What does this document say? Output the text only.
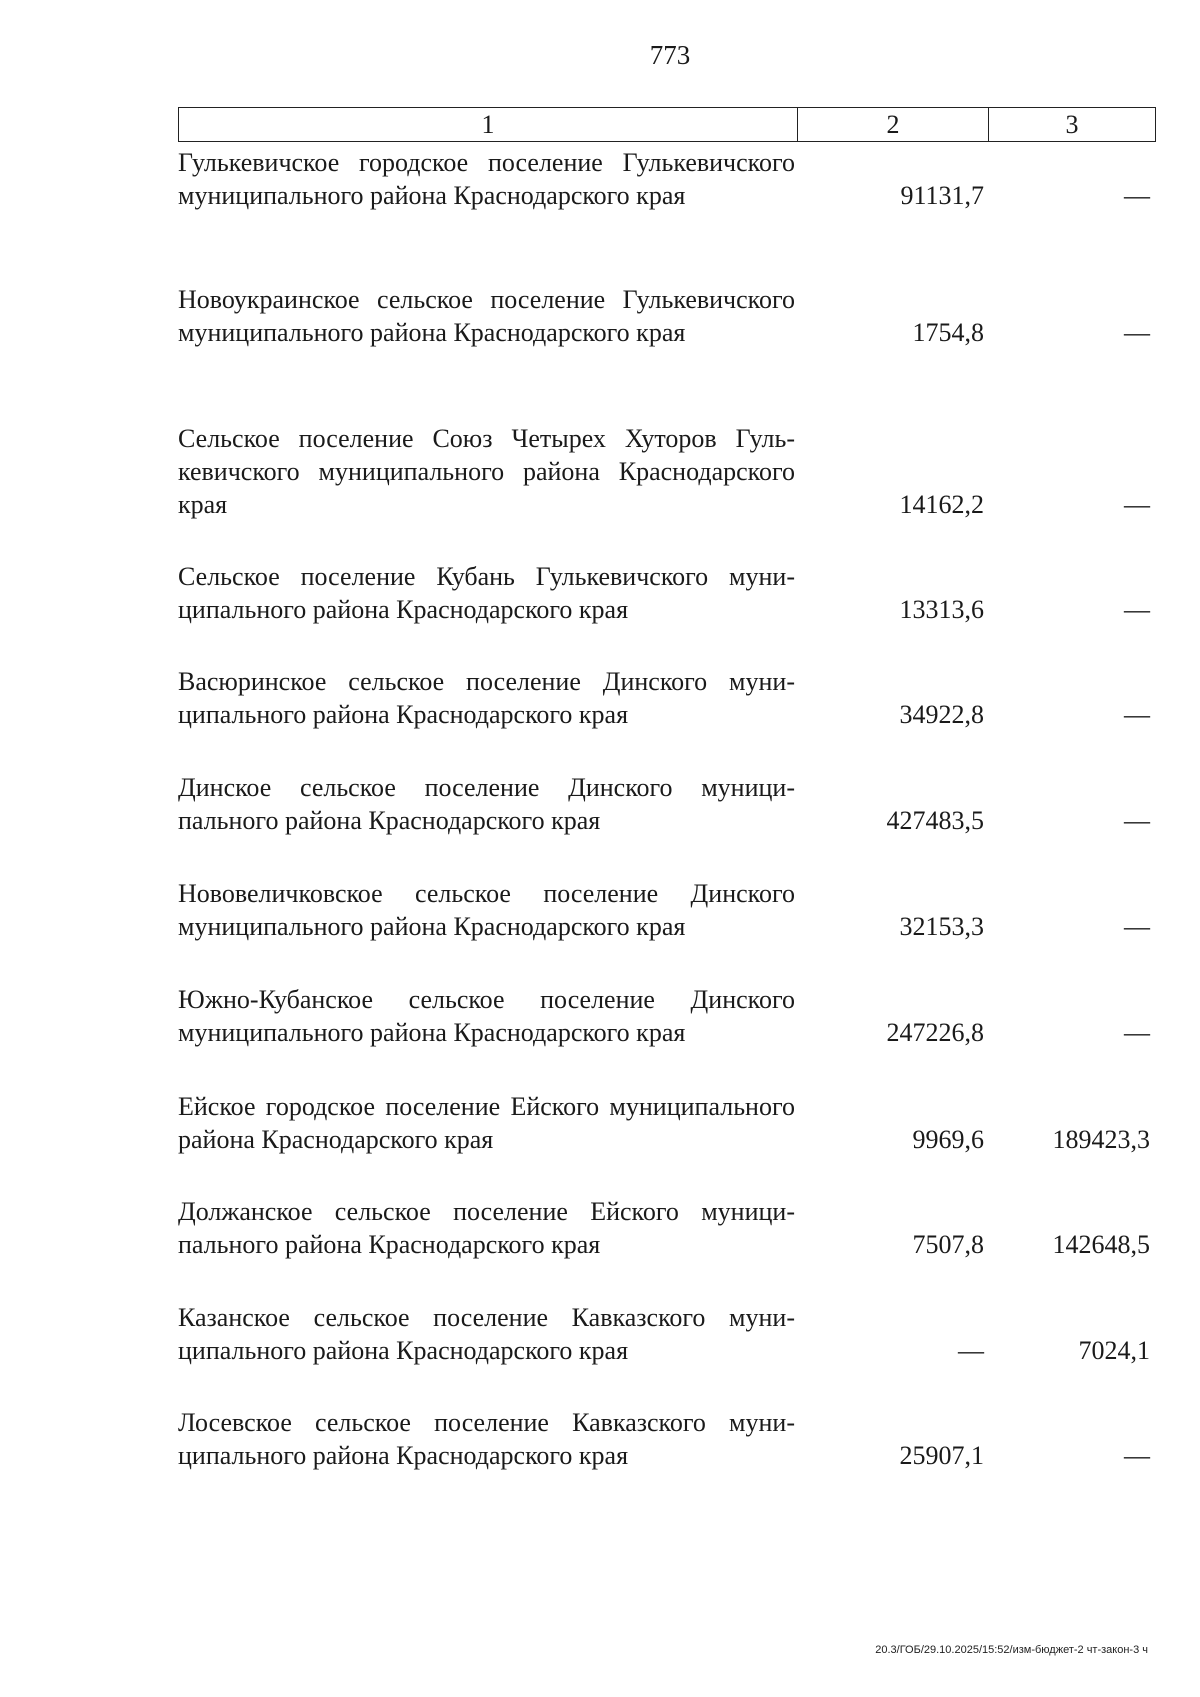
773
1	2	3
Гулькевичское городское поселение Гулькевичского муниципального района Краснодарского края	91131,7	—
Новоукраинское сельское поселение Гулькевичского муниципального района Краснодарского края	1754,8	—
Сельское поселение Союз Четырех Хуторов Гулькевичского муниципального района Краснодарского края	14162,2	—
Сельское поселение Кубань Гулькевичского муниципального района Краснодарского края	13313,6	—
Васюринское сельское поселение Динского муниципального района Краснодарского края	34922,8	—
Динское сельское поселение Динского муниципального района Краснодарского края	427483,5	—
Нововеличковское сельское поселение Динского муниципального района Краснодарского края	32153,3	—
Южно-Кубанское сельское поселение Динского муниципального района Краснодарского края	247226,8	—
Ейское городское поселение Ейского муниципального района Краснодарского края	9969,6	189423,3
Должанское сельское поселение Ейского муниципального района Краснодарского края	7507,8	142648,5
Казанское сельское поселение Кавказского муниципального района Краснодарского края	—	7024,1
Лосевское сельское поселение Кавказского муниципального района Краснодарского края	25907,1	—
20.3/ГОБ/29.10.2025/15:52/изм-бюджет-2 чт-закон-3 ч
